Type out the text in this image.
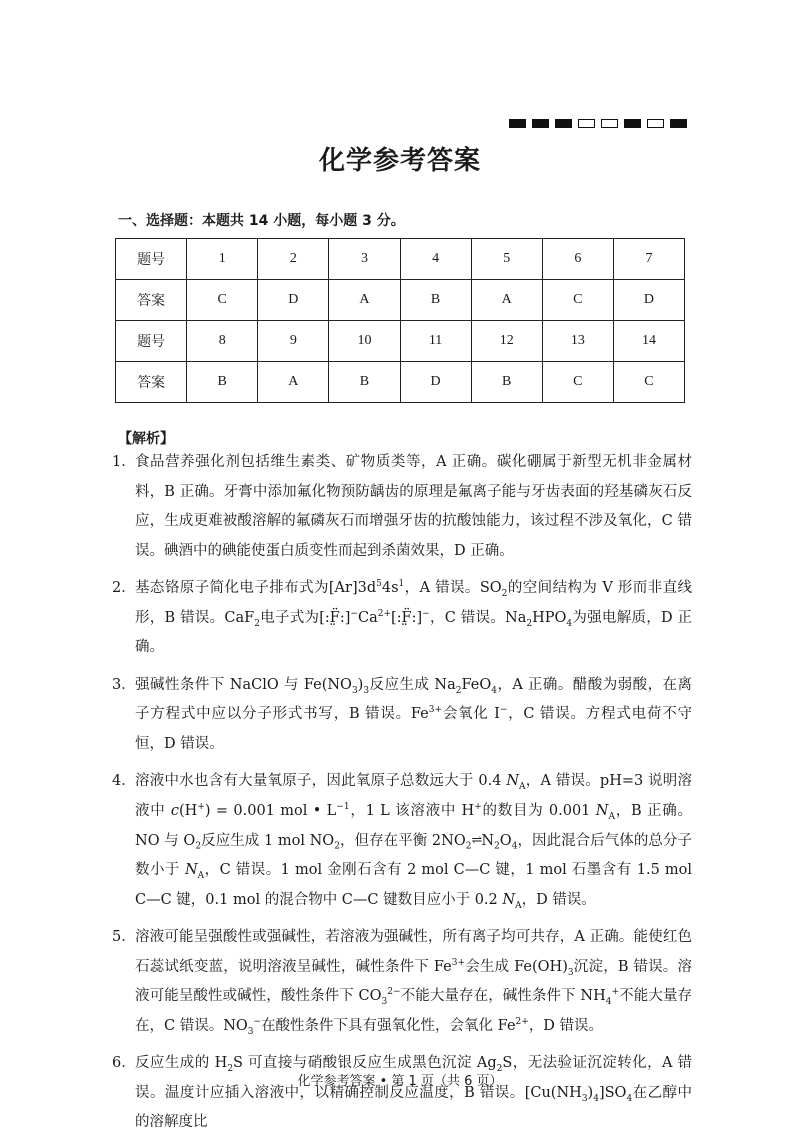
化学参考答案
一、选择题：本题共 14 小题，每小题 3 分。
题号	1	2	3	4	5	6	7
答案	C	D	A	B	A	C	D
题号	8	9	10	11	12	13	14
答案	B	A	B	D	B	C	C
【解析】
1． 食品营养强化剂包括维生素类、矿物质类等，A 正确。碳化硼属于新型无机非金属材料，B 正确。牙膏中添加氟化物预防龋齿的原理是氟离子能与牙齿表面的羟基磷灰石反应，生成更难被酸溶解的氟磷灰石而增强牙齿的抗酸蚀能力，该过程不涉及氧化，C 错误。碘酒中的碘能使蛋白质变性而起到杀菌效果，D 正确。
2． 基态铬原子简化电子排布式为$[Ar]3d^54s^1$，A 错误。$SO_2$的空间结构为 V 形而非直线形，B 错误。CaF$_2$电子式为$[:F̤̈:]^-Ca^{2+}[:F̤̈:]^-$，C 错误。$Na_2HPO_4$为强电解质，D 正确。
3． 强碱性条件下 NaClO 与 $Fe(NO_3)_3$反应生成 $Na_2FeO_4$，A 正确。醋酸为弱酸，在离子方程式中应以分子形式书写，B 错误。$Fe^{3+}$会氧化 I−，C 错误。方程式电荷不守恒，D 错误。
4． 溶液中水也含有大量氧原子，因此氧原子总数远大于 0.4 $N_A$，A 错误。pH=3 说明溶液中 c(H+) = 0.001 mol • $L^{-1}$，1 L 该溶液中 H+的数目为 0.001 $N_A$，B 正确。NO 与 $O_2$反应生成 1 mol $NO_2$，但存在平衡 $2NO_2\rightleftharpoons N_2O_4$，因此混合后气体的总分子数小于 $N_A$，C 错误。1 mol 金刚石含有 2 mol C—C 键，1 mol 石墨含有 1.5 mol C—C 键，0.1 mol 的混合物中 C—C 键数目应小于 0.2 $N_A$，D 错误。
5． 溶液可能呈强酸性或强碱性，若溶液为强碱性，所有离子均可共存，A 正确。能使红色石蕊试纸变蓝，说明溶液呈碱性，碱性条件下 $Fe^{3+}$会生成 $Fe(OH)_3$沉淀，B 错误。溶液可能呈酸性或碱性，酸性条件下 $CO_3^{2-}$不能大量存在，碱性条件下 $NH_4^+$不能大量存在，C 错误。$NO_3^-$在酸性条件下具有强氧化性，会氧化 $Fe^{2+}$，D 错误。
6． 反应生成的 $H_2S$ 可直接与硝酸银反应生成黑色沉淀 $Ag_2S$，无法验证沉淀转化，A 错误。温度计应插入溶液中，以精确控制反应温度，B 错误。$[Cu(NH_3)_4]SO_4$在乙醇中的溶解度比
化学参考答案 • 第 1 页（共 6 页）
